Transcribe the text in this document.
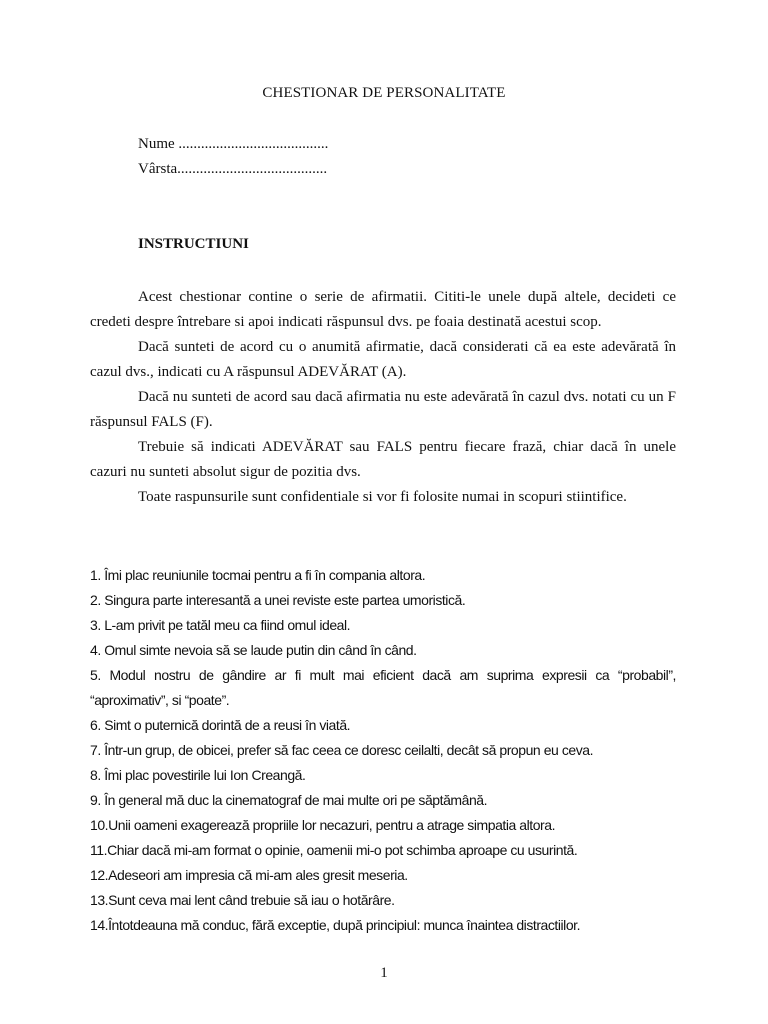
CHESTIONAR DE PERSONALITATE
Nume ........................................
Vârsta........................................
INSTRUCTIUNI

Acest chestionar contine o serie de afirmatii. Cititi-le unele după altele, decideti ce credeti despre întrebare si apoi indicati răspunsul dvs. pe foaia destinată acestui scop.

Dacă sunteti de acord cu o anumită afirmatie, dacă considerati că ea este adevărată în cazul dvs., indicati cu A răspunsul ADEVĂRAT (A).

Dacă nu sunteti de acord sau dacă afirmatia nu este adevărată în cazul dvs. notati cu un F răspunsul FALS (F).

Trebuie să indicati ADEVĂRAT sau FALS pentru fiecare frază, chiar dacă în unele cazuri nu sunteti absolut sigur de pozitia dvs.

Toate raspunsurile sunt confidentiale si vor fi folosite numai in scopuri stiintifice.

1. Îmi plac reuniunile tocmai pentru a fi în compania altora.

2. Singura parte interesantă a unei reviste este partea umoristică.

3. L-am privit pe tatăl meu ca fiind omul ideal.

4. Omul simte nevoia să se laude putin din când în când.

5. Modul nostru de gândire ar fi mult mai eficient dacă am suprima expresii ca “probabil”, “aproximativ”, si “poate”.

6. Simt o puternică dorintă de a reusi în viată.

7. Într-un grup, de obicei, prefer să fac ceea ce doresc ceilalti, decât să propun eu ceva.

8. Îmi plac povestirile lui Ion Creangă.

9. În general mă duc la cinematograf de mai multe ori pe săptămână.

10.Unii oameni exagerează propriile lor necazuri, pentru a atrage simpatia altora.

11.Chiar dacă mi-am format o opinie, oamenii mi-o pot schimba aproape cu usurintă.

12.Adeseori am impresia că mi-am ales gresit meseria.

13.Sunt ceva mai lent când trebuie să iau o hotărâre.

14.Întotdeauna mă conduc, fără exceptie, după principiul: munca înaintea distractiilor.

1
